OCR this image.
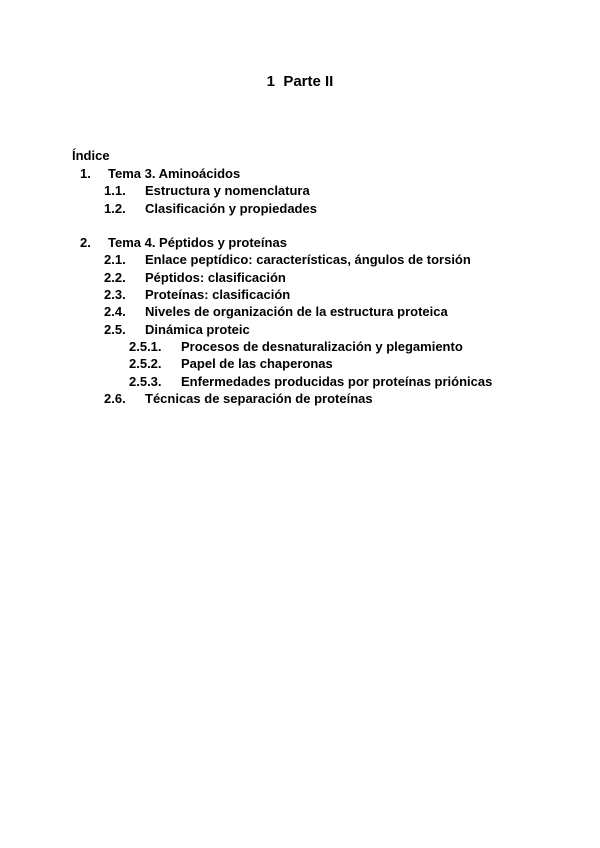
1  Parte II
Índice
1. Tema 3. Aminoácidos
1.1. Estructura y nomenclatura
1.2. Clasificación y propiedades
2. Tema 4. Péptidos y proteínas
2.1. Enlace peptídico: características, ángulos de torsión
2.2. Péptidos: clasificación
2.3. Proteínas: clasificación
2.4. Niveles de organización de la estructura proteica
2.5. Dinámica proteic
2.5.1. Procesos de desnaturalización y plegamiento
2.5.2. Papel de las chaperonas
2.5.3. Enfermedades producidas por proteínas priónicas
2.6. Técnicas de separación de proteínas
